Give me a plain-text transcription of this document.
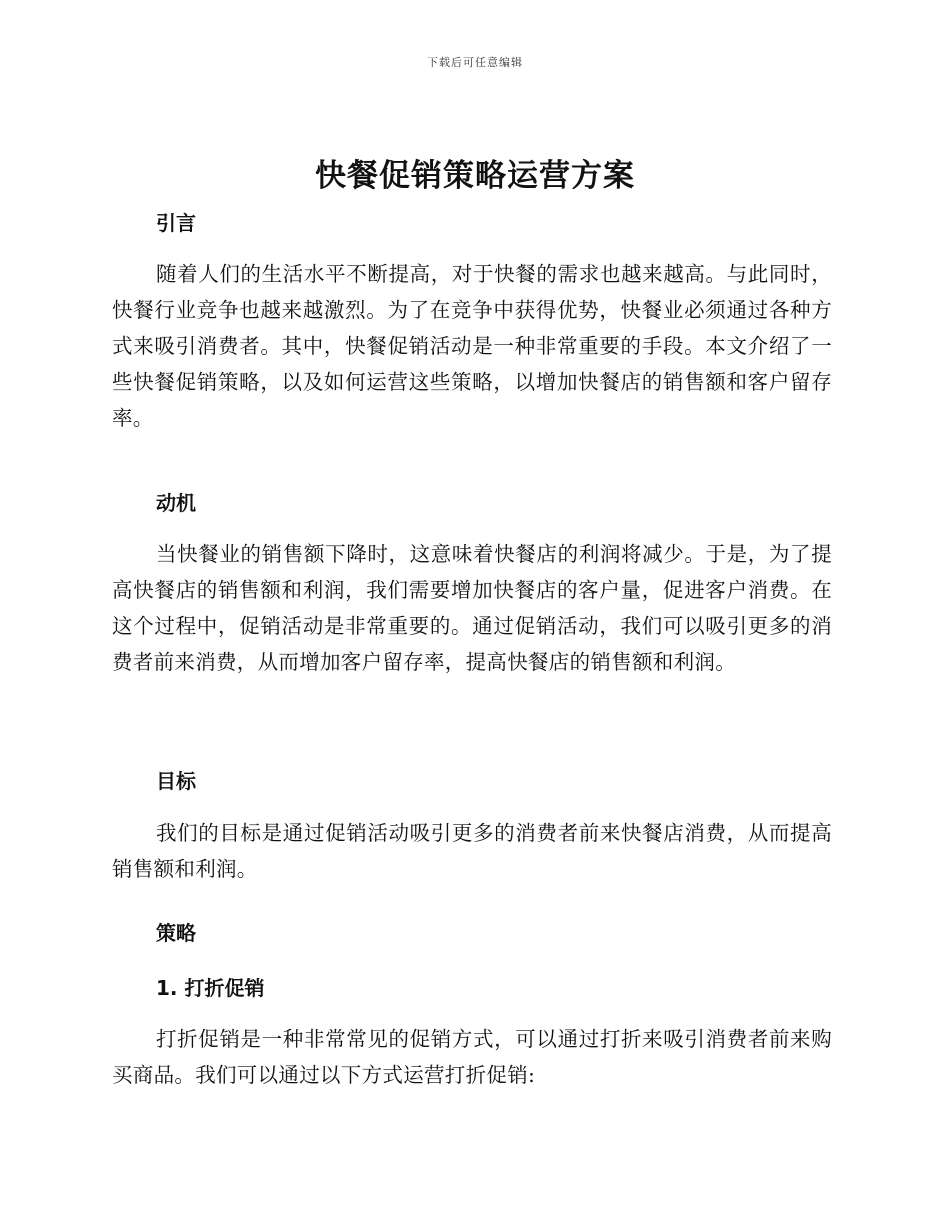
下载后可任意编辑
快餐促销策略运营方案
引言

随着人们的生活水平不断提高，对于快餐的需求也越来越高。与此同时，快餐行业竞争也越来越激烈。为了在竞争中获得优势，快餐业必须通过各种方式来吸引消费者。其中，快餐促销活动是一种非常重要的手段。本文介绍了一些快餐促销策略，以及如何运营这些策略，以增加快餐店的销售额和客户留存率。

动机

当快餐业的销售额下降时，这意味着快餐店的利润将减少。于是，为了提高快餐店的销售额和利润，我们需要增加快餐店的客户量，促进客户消费。在这个过程中，促销活动是非常重要的。通过促销活动，我们可以吸引更多的消费者前来消费，从而增加客户留存率，提高快餐店的销售额和利润。

目标

我们的目标是通过促销活动吸引更多的消费者前来快餐店消费，从而提高销售额和利润。

策略
1. 打折促销

打折促销是一种非常常见的促销方式，可以通过打折来吸引消费者前来购买商品。我们可以通过以下方式运营打折促销:
